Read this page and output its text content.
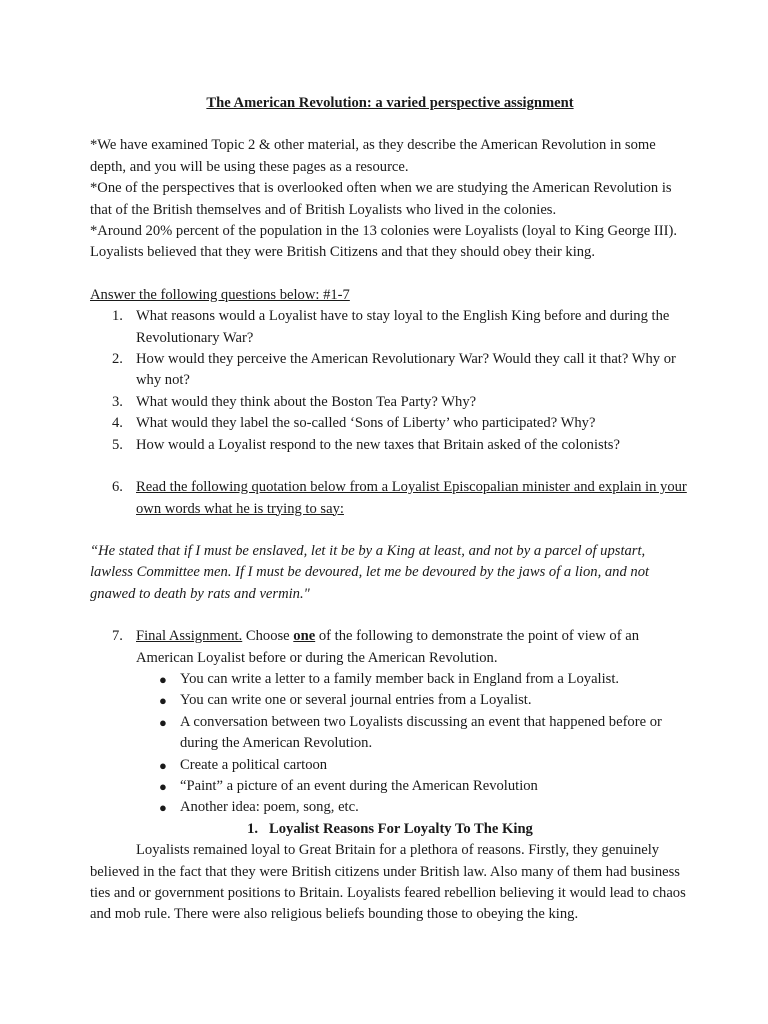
The American Revolution: a varied perspective assignment

*We have examined Topic 2 & other material, as they describe the American Revolution in some depth, and you will be using these pages as a resource.

*One of the perspectives that is overlooked often when we are studying the American Revolution is that of the British themselves and of British Loyalists who lived in the colonies.

*Around 20% percent of the population in the 13 colonies were Loyalists (loyal to King George III). Loyalists believed that they were British Citizens and that they should obey their king.

Answer the following questions below: #1-7

1. What reasons would a Loyalist have to stay loyal to the English King before and during the Revolutionary War?
2. How would they perceive the American Revolutionary War? Would they call it that? Why or why not?
3. What would they think about the Boston Tea Party? Why?
4. What would they label the so-called ‘Sons of Liberty’ who participated? Why?
5. How would a Loyalist respond to the new taxes that Britain asked of the colonists?
6. Read the following quotation below from a Loyalist Episcopalian minister and explain in your own words what he is trying to say:

“He stated that if I must be enslaved, let it be by a King at least, and not by a parcel of upstart, lawless Committee men. If I must be devoured, let me be devoured by the jaws of a lion, and not gnawed to death by rats and vermin."

7. Final Assignment. Choose one of the following to demonstrate the point of view of an American Loyalist before or during the American Revolution.
● You can write a letter to a family member back in England from a Loyalist.
● You can write one or several journal entries from a Loyalist.
● A conversation between two Loyalists discussing an event that happened before or during the American Revolution.
● Create a political cartoon
● “Paint” a picture of an event during the American Revolution
● Another idea: poem, song, etc.

1. Loyalist Reasons For Loyalty To The King

Loyalists remained loyal to Great Britain for a plethora of reasons. Firstly, they genuinely believed in the fact that they were British citizens under British law. Also many of them had business ties and or government positions to Britain. Loyalists feared rebellion believing it would lead to chaos and mob rule. There were also religious beliefs bounding those to obeying the king.
